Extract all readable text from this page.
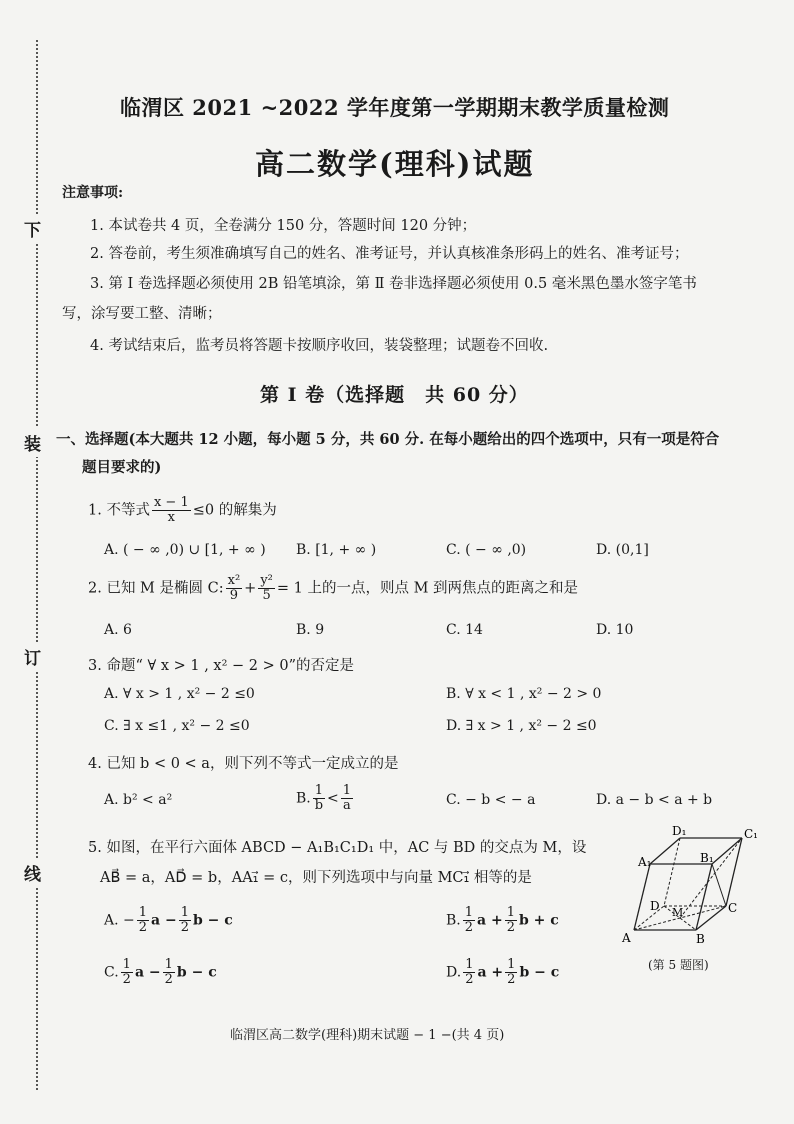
下
装
订
线
临渭区 2021 ~2022 学年度第一学期期末教学质量检测
高二数学(理科)试题
注意事项:
1. 本试卷共 4 页，全卷满分 150 分，答题时间 120 分钟；
2. 答卷前，考生须准确填写自己的姓名、准考证号，并认真核准条形码上的姓名、准考证号；
3. 第 Ⅰ 卷选择题必须使用 2B 铅笔填涂，第 Ⅱ 卷非选择题必须使用 0.5 毫米黑色墨水签字笔书
写，涂写要工整、清晰；
4. 考试结束后，监考员将答题卡按顺序收回，装袋整理；试题卷不回收.
第 Ⅰ 卷（选择题　共 60 分）
一、选择题(本大题共 12 小题，每小题 5 分，共 60 分. 在每小题给出的四个选项中，只有一项是符合
题目要求的)
1. 不等式 $\frac{x - 1}{x} \le 0$ 的解集为
A. ( − ∞ ,0) ∪ [1, + ∞ ) B. [1, + ∞ )	C. ( − ∞ ,0)	D. (0,1]
2. 已知 M 是椭圆 C: $\frac{\text{x²}}{9} + \frac{\text{y²}}{5} = 1$ 上的一点，则点 M 到两焦点的距离之和是
A. 6	B. 9	C. 14	D. 10
3. 命题“ ∀ x > 1 , x² − 2 > 0”的否定是
A. ∀ x > 1 , x² − 2 ≤0	B. ∀ x < 1 , x² − 2 > 0
C. ∃ x ≤1 , x² − 2 ≤0	D. ∃ x > 1 , x² − 2 ≤0
4. 已知 b < 0 < a，则下列不等式一定成立的是
A. b² < a²	B. $\frac{1}{b} < \frac{1}{a}$	C. − b < − a	D. a − b < a + b
5. 如图，在平行六面体 ABCD − A₁B₁C₁D₁ 中，AC 与 BD 的交点为 M，设
AB⃗ = a，AD⃗ = b，AA₁⃗ = c，则下列选项中与向量 MC₁⃗ 相等的是
A. − $\frac{1}{2}$ $a - \frac{1}{2}$ b − c	B. $\frac{1}{2}$ $a + \frac{1}{2}$ b + c
C. $\frac{1}{2}$ $a - \frac{1}{2}$ b − c	D. $\frac{1}{2}$ $a + \frac{1}{2}$ b − c
D₁	C₁
A₁	B₁
D M	C
A	B
(第 5 题图)
临渭区高二数学(理科)期末试题 − 1 −(共 4 页)
